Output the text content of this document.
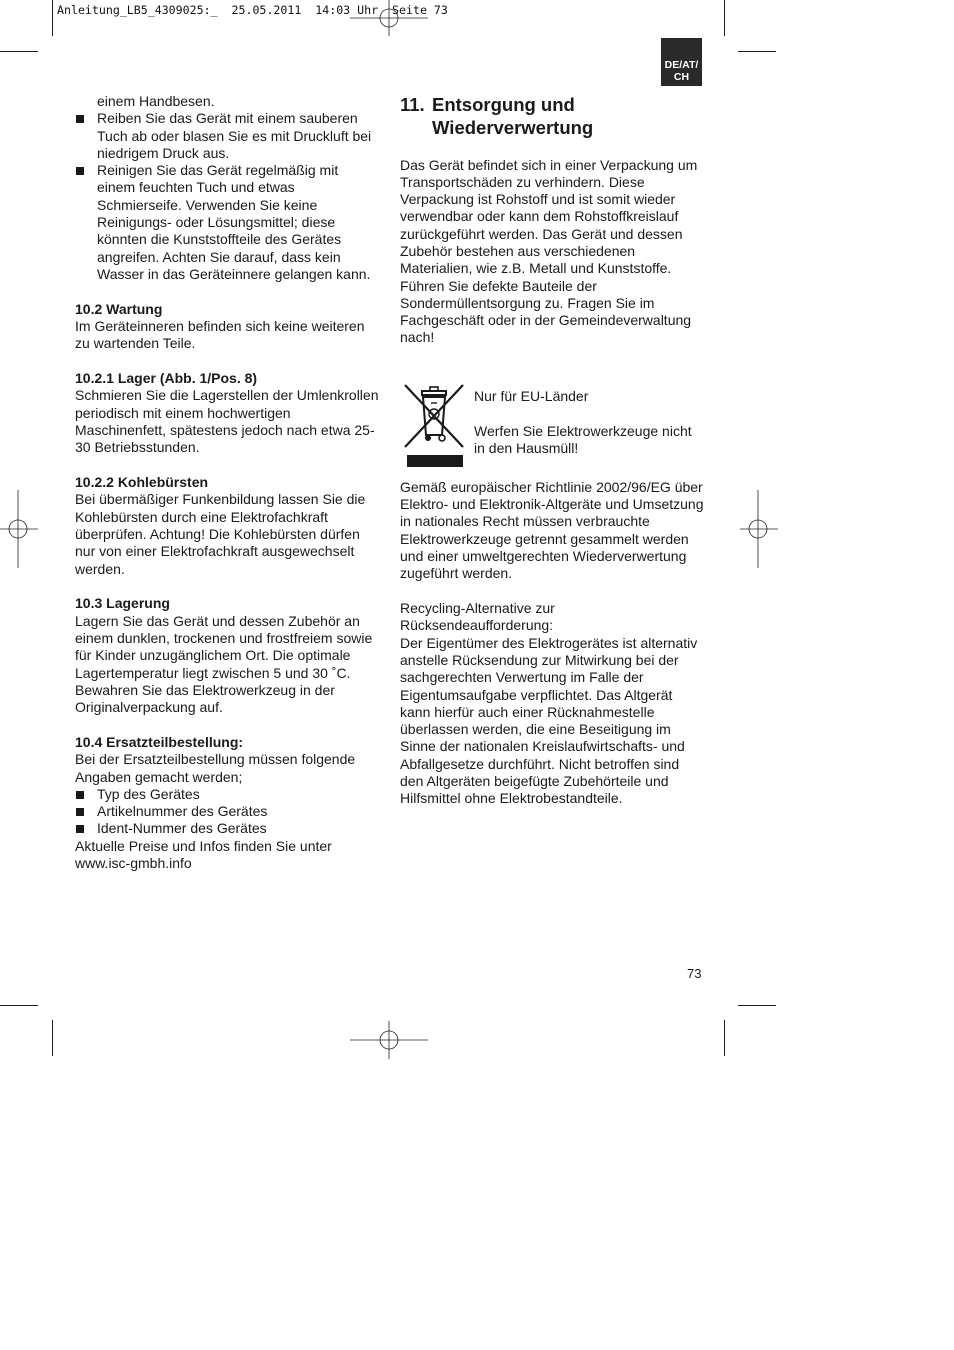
Anleitung_LB5_4309025:_  25.05.2011  14:03 Uhr  Seite 73
DE/AT/
CH

einem Handbesen.

Reiben Sie das Gerät mit einem sauberen Tuch ab oder blasen Sie es mit Druckluft bei niedrigem Druck aus.

Reinigen Sie das Gerät regelmäßig mit einem feuchten Tuch und etwas Schmierseife. Verwenden Sie keine Reinigungs- oder Lösungsmittel; diese könnten die Kunststoffteile des Gerätes angreifen. Achten Sie darauf, dass kein Wasser in das Geräteinnere gelangen kann.

10.2 Wartung

Im Geräteinneren befinden sich keine weiteren zu wartenden Teile.

10.2.1 Lager (Abb. 1/Pos. 8)

Schmieren Sie die Lagerstellen der Umlenkrollen periodisch mit einem hochwertigen Maschinenfett, spätestens jedoch nach etwa 25-30 Betriebsstunden.

10.2.2 Kohlebürsten

Bei übermäßiger Funkenbildung lassen Sie die Kohlebürsten durch eine Elektrofachkraft überprüfen. Achtung! Die Kohlebürsten dürfen nur von einer Elektrofachkraft ausgewechselt werden.

10.3 Lagerung

Lagern Sie das Gerät und dessen Zubehör an einem dunklen, trockenen und frostfreiem sowie für Kinder unzugänglichem Ort. Die optimale Lagertemperatur liegt zwischen 5 und 30 ˚C. Bewahren Sie das Elektrowerkzeug in der Originalverpackung auf.

10.4 Ersatzteilbestellung:

Bei der Ersatzteilbestellung müssen folgende Angaben gemacht werden;

Typ des Gerätes

Artikelnummer des Gerätes

Ident-Nummer des Gerätes

Aktuelle Preise und Infos finden Sie unter www.isc-gmbh.info

11. Entsorgung und

Wiederverwertung

Das Gerät befindet sich in einer Verpackung um Transportschäden zu verhindern. Diese Verpackung ist Rohstoff und ist somit wieder verwendbar oder kann dem Rohstoffkreislauf zurückgeführt werden. Das Gerät und dessen Zubehör bestehen aus verschiedenen Materialien, wie z.B. Metall und Kunststoffe. Führen Sie defekte Bauteile der Sondermüllentsorgung zu. Fragen Sie im Fachgeschäft oder in der Gemeindeverwaltung nach!

Nur für EU-Länder

Werfen Sie Elektrowerkzeuge nicht in den Hausmüll!

Gemäß europäischer Richtlinie 2002/96/EG über Elektro- und Elektronik-Altgeräte und Umsetzung in nationales Recht müssen verbrauchte Elektrowerkzeuge getrennt gesammelt werden und einer umweltgerechten Wiederverwertung zugeführt werden.

Recycling-Alternative zur Rücksendeaufforderung:

Der Eigentümer des Elektrogerätes ist alternativ anstelle Rücksendung zur Mitwirkung bei der sachgerechten Verwertung im Falle der Eigentumsaufgabe verpflichtet. Das Altgerät kann hierfür auch einer Rücknahmestelle überlassen werden, die eine Beseitigung im Sinne der nationalen Kreislaufwirtschafts- und Abfallgesetze durchführt. Nicht betroffen sind den Altgeräten beigefügte Zubehörteile und Hilfsmittel ohne Elektrobestandteile.

73
